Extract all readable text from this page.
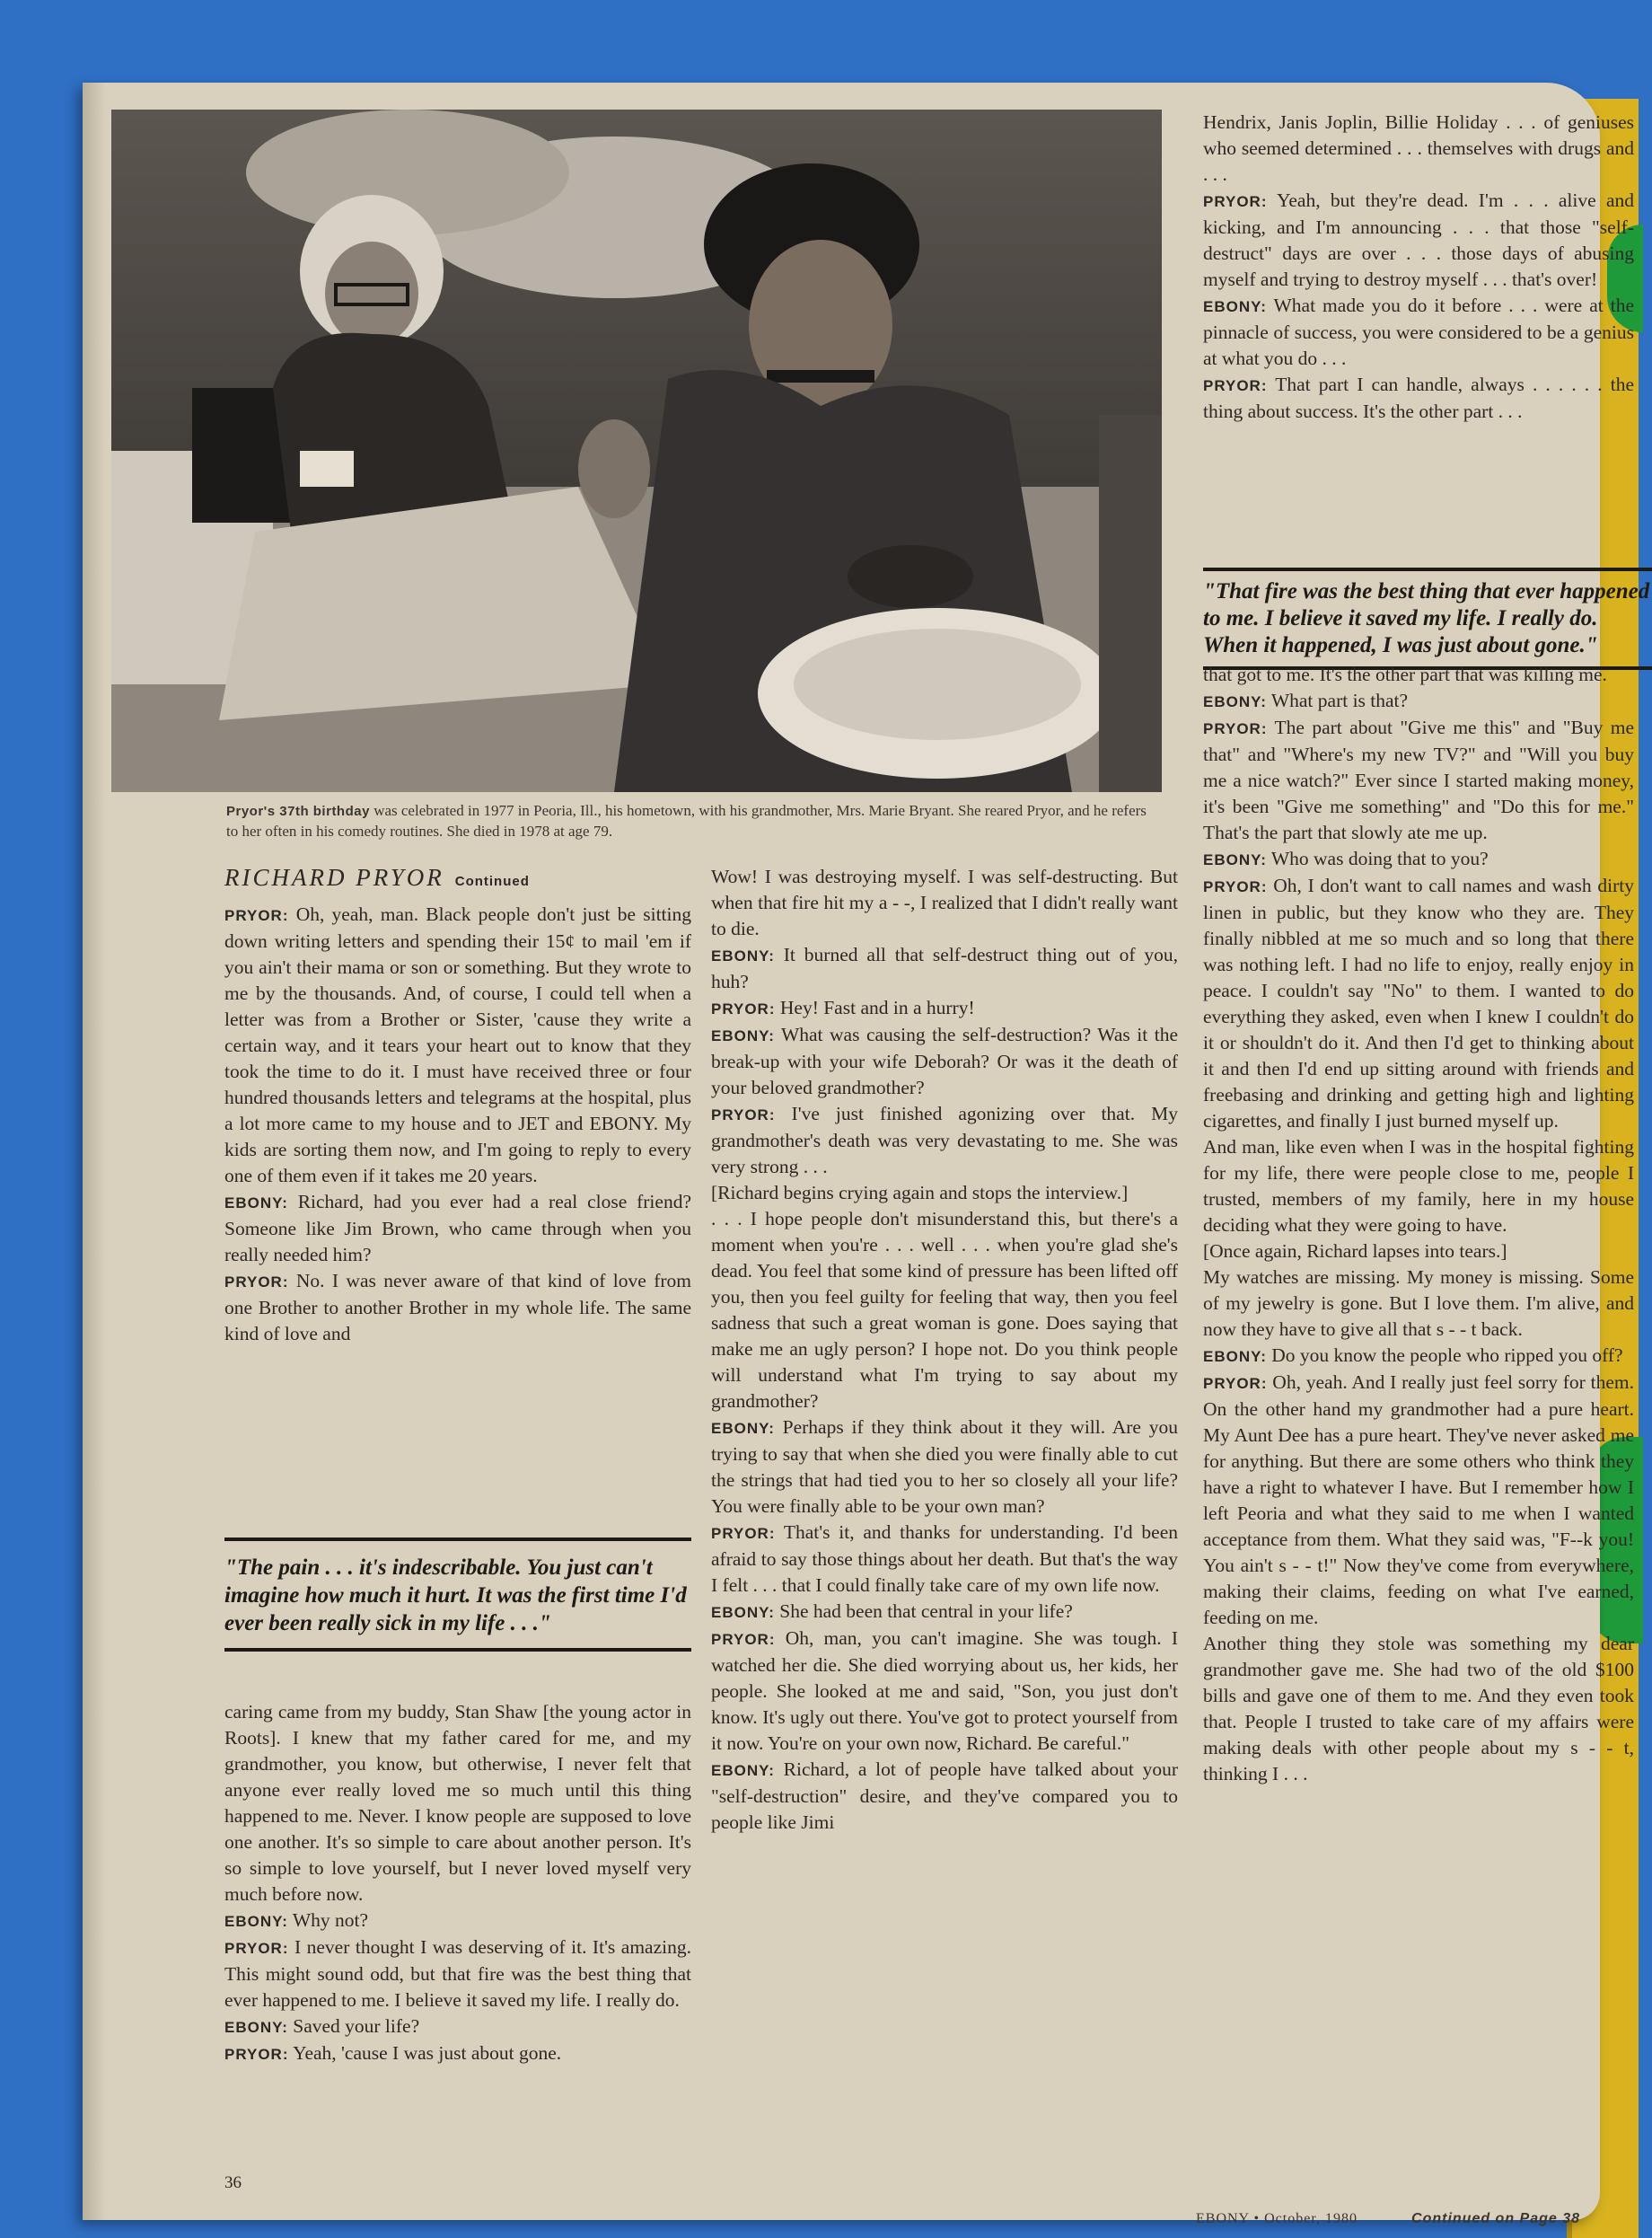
Pryor's 37th birthday was celebrated in 1977 in Peoria, Ill., his hometown, with his grandmother, Mrs. Marie Bryant. She reared Pryor, and he refers to her often in his comedy routines. She died in 1978 at age 79.
RICHARD PRYOR Continued

PRYOR: Oh, yeah, man. Black people don't just be sitting down writing letters and spending their 15¢ to mail 'em if you ain't their mama or son or something. But they wrote to me by the thousands. And, of course, I could tell when a letter was from a Brother or Sister, 'cause they write a certain way, and it tears your heart out to know that they took the time to do it. I must have received three or four hundred thousands letters and telegrams at the hospital, plus a lot more came to my house and to JET and EBONY. My kids are sorting them now, and I'm going to reply to every one of them even if it takes me 20 years.

EBONY: Richard, had you ever had a real close friend? Someone like Jim Brown, who came through when you really needed him?

PRYOR: No. I was never aware of that kind of love from one Brother to another Brother in my whole life. The same kind of love and

"The pain . . . it's indescribable. You just can't imagine how much it hurt. It was the first time I'd ever been really sick in my life . . ."

caring came from my buddy, Stan Shaw [the young actor in Roots]. I knew that my father cared for me, and my grandmother, you know, but otherwise, I never felt that anyone ever really loved me so much until this thing happened to me. Never. I know people are supposed to love one another. It's so simple to care about another person. It's so simple to love yourself, but I never loved myself very much before now.

EBONY: Why not?

PRYOR: I never thought I was deserving of it. It's amazing. This might sound odd, but that fire was the best thing that ever happened to me. I believe it saved my life. I really do.

EBONY: Saved your life?

PRYOR: Yeah, 'cause I was just about gone.

Wow! I was destroying myself. I was self-destructing. But when that fire hit my a - -, I realized that I didn't really want to die.

EBONY: It burned all that self-destruct thing out of you, huh?

PRYOR: Hey! Fast and in a hurry!

EBONY: What was causing the self-destruction? Was it the break-up with your wife Deborah? Or was it the death of your beloved grandmother?

PRYOR: I've just finished agonizing over that. My grandmother's death was very devastating to me. She was very strong . . .

[Richard begins crying again and stops the interview.]

. . . I hope people don't misunderstand this, but there's a moment when you're . . . well . . . when you're glad she's dead. You feel that some kind of pressure has been lifted off you, then you feel guilty for feeling that way, then you feel sadness that such a great woman is gone. Does saying that make me an ugly person? I hope not. Do you think people will understand what I'm trying to say about my grandmother?

EBONY: Perhaps if they think about it they will. Are you trying to say that when she died you were finally able to cut the strings that had tied you to her so closely all your life? You were finally able to be your own man?

PRYOR: That's it, and thanks for understanding. I'd been afraid to say those things about her death. But that's the way I felt . . . that I could finally take care of my own life now.

EBONY: She had been that central in your life?

PRYOR: Oh, man, you can't imagine. She was tough. I watched her die. She died worrying about us, her kids, her people. She looked at me and said, "Son, you just don't know. It's ugly out there. You've got to protect yourself from it now. You're on your own now, Richard. Be careful."

EBONY: Richard, a lot of people have talked about your "self-destruction" desire, and they've compared you to people like Jimi

Hendrix, Janis Joplin, Billie Holiday . . . of geniuses who seemed determined . . . themselves with drugs and . . .

PRYOR: Yeah, but they're dead. I'm . . . alive and kicking, and I'm announcing . . . that those "self-destruct" days are over . . . those days of abusing myself and trying to destroy myself . . . that's over!

EBONY: What made you do it before . . . were at the pinnacle of success, you were considered to be a genius at what you do . . .

PRYOR: That part I can handle, always . . . . . . the thing about success. It's the other part . . .

"That fire was the best thing that ever happened to me. I believe it saved my life. I really do. When it happened, I was just about gone."

that got to me. It's the other part that was killing me.

EBONY: What part is that?

PRYOR: The part about "Give me this" and "Buy me that" and "Where's my new TV?" and "Will you buy me a nice watch?" Ever since I started making money, it's been "Give me something" and "Do this for me." That's the part that slowly ate me up.

EBONY: Who was doing that to you?

PRYOR: Oh, I don't want to call names and wash dirty linen in public, but they know who they are. They finally nibbled at me so much and so long that there was nothing left. I had no life to enjoy, really enjoy in peace. I couldn't say "No" to them. I wanted to do everything they asked, even when I knew I couldn't do it or shouldn't do it. And then I'd get to thinking about it and then I'd end up sitting around with friends and freebasing and drinking and getting high and lighting cigarettes, and finally I just burned myself up.

And man, like even when I was in the hospital fighting for my life, there were people close to me, people I trusted, members of my family, here in my house deciding what they were going to have.

[Once again, Richard lapses into tears.]

My watches are missing. My money is missing. Some of my jewelry is gone. But I love them. I'm alive, and now they have to give all that s - - t back.

EBONY: Do you know the people who ripped you off?

PRYOR: Oh, yeah. And I really just feel sorry for them. On the other hand my grandmother had a pure heart. My Aunt Dee has a pure heart. They've never asked me for anything. But there are some others who think they have a right to whatever I have. But I remember how I left Peoria and what they said to me when I wanted acceptance from them. What they said was, "F--k you! You ain't s - - t!" Now they've come from everywhere, making their claims, feeding on what I've earned, feeding on me.

Another thing they stole was something my dear grandmother gave me. She had two of the old $100 bills and gave one of them to me. And they even took that. People I trusted to take care of my affairs were making deals with other people about my s - - t, thinking I . . .

36
EBONY • October, 1980	Continued on Page 38
